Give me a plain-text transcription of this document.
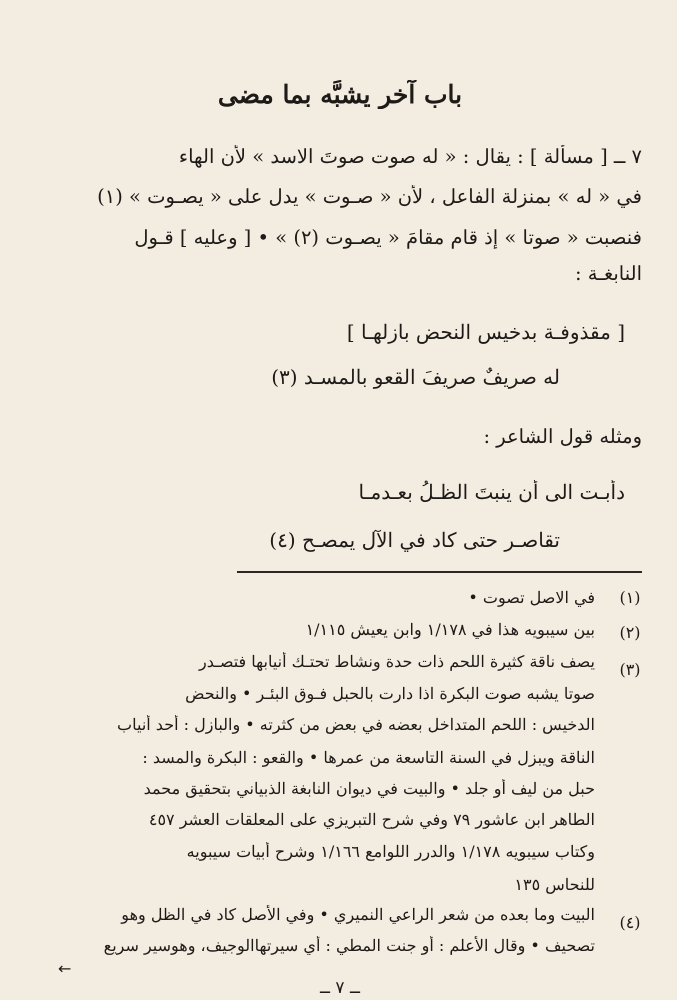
باب آخر يشبَّه بما مضى
٧ ــ [ مسألة ] : يقال : « له صوت صوتَ الاسد » لأن الهاء
في « له » بمنزلة الفاعل ، لأن « صـوت » يدل على « يصـوت » (١)
فنصبت « صوتا » إذ قام مقامَ « يصـوت (٢) » • [ وعليه ] قـول
النابغـة :
[ مقذوفـة بدخيس النحض بازلهـا ]
له صريفٌ صريفَ القعو بالمسـد (٣)
ومثله قول الشاعر :
دأبـت الى أن ينبتَ الظـلُ بعـدمـا
تقاصـر حتى كاد في الآل يمصـح (٤)
(١)
في الاصل تصوت •
(٢)
بين سيبويه هذا في ١/١٧٨ وابن يعيش ١/١١٥
(٣)
يصف ناقة كثيرة اللحم ذات حدة ونشاط تحتـك أنيابها فتصـدر
صوتا يشبه صوت البكرة اذا دارت بالحبل فـوق البئـر • والنحض
الدخيس : اللحم المتداخل بعضه في بعض من كثرته • والبازل : أحد أنياب
الناقة ويبزل في السنة التاسعة من عمرها • والقعو : البكرة والمسد :
حبل من ليف أو جلد • والبيت في ديوان النابغة الذبياني بتحقيق محمد
الطاهر ابن عاشور ٧٩ وفي شرح التبريزي على المعلقات العشر ٤٥٧
وكتاب سيبويه ١/١٧٨ والدرر اللوامع ١/١٦٦ وشرح أبيات سيبويه
للنحاس ١٣٥
(٤)
البيت وما بعده من شعر الراعي النميري • وفي الأصل كاد في الظل وهو
تصحيف • وقال الأعلم : أو جنت المطي : أي سيرتهاالوجيف، وهوسير سريع
←
ــ ٧ ــ
